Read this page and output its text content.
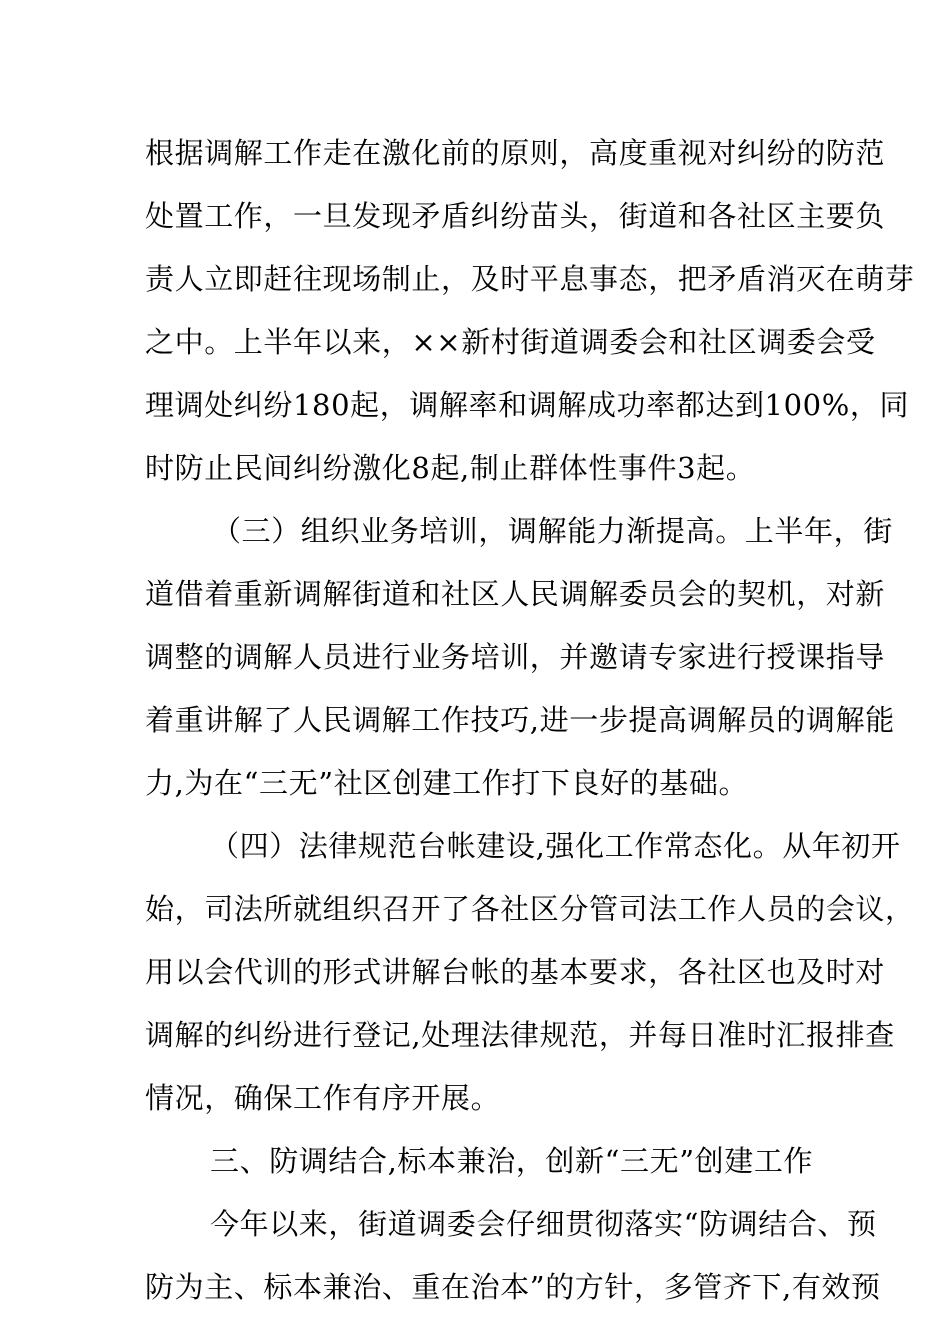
根据调解工作走在激化前的原则，高度重视对纠纷的防范
处置工作，一旦发现矛盾纠纷苗头，街道和各社区主要负
责人立即赶往现场制止，及时平息事态，把矛盾消灭在萌芽
之中。上半年以来，××新村街道调委会和社区调委会受
理调处纠纷180起，调解率和调解成功率都达到100%，同
时防止民间纠纷激化8起,制止群体性事件3起。
（三）组织业务培训，调解能力渐提高。上半年，街
道借着重新调解街道和社区人民调解委员会的契机，对新
调整的调解人员进行业务培训，并邀请专家进行授课指导
着重讲解了人民调解工作技巧,进一步提高调解员的调解能
力,为在“三无”社区创建工作打下良好的基础。
（四）法律规范台帐建设,强化工作常态化。从年初开
始，司法所就组织召开了各社区分管司法工作人员的会议，
用以会代训的形式讲解台帐的基本要求，各社区也及时对
调解的纠纷进行登记,处理法律规范，并每日准时汇报排查
情况，确保工作有序开展。
三、防调结合,标本兼治，创新“三无”创建工作
今年以来，街道调委会仔细贯彻落实“防调结合、预
防为主、标本兼治、重在治本”的方针，多管齐下,有效预
